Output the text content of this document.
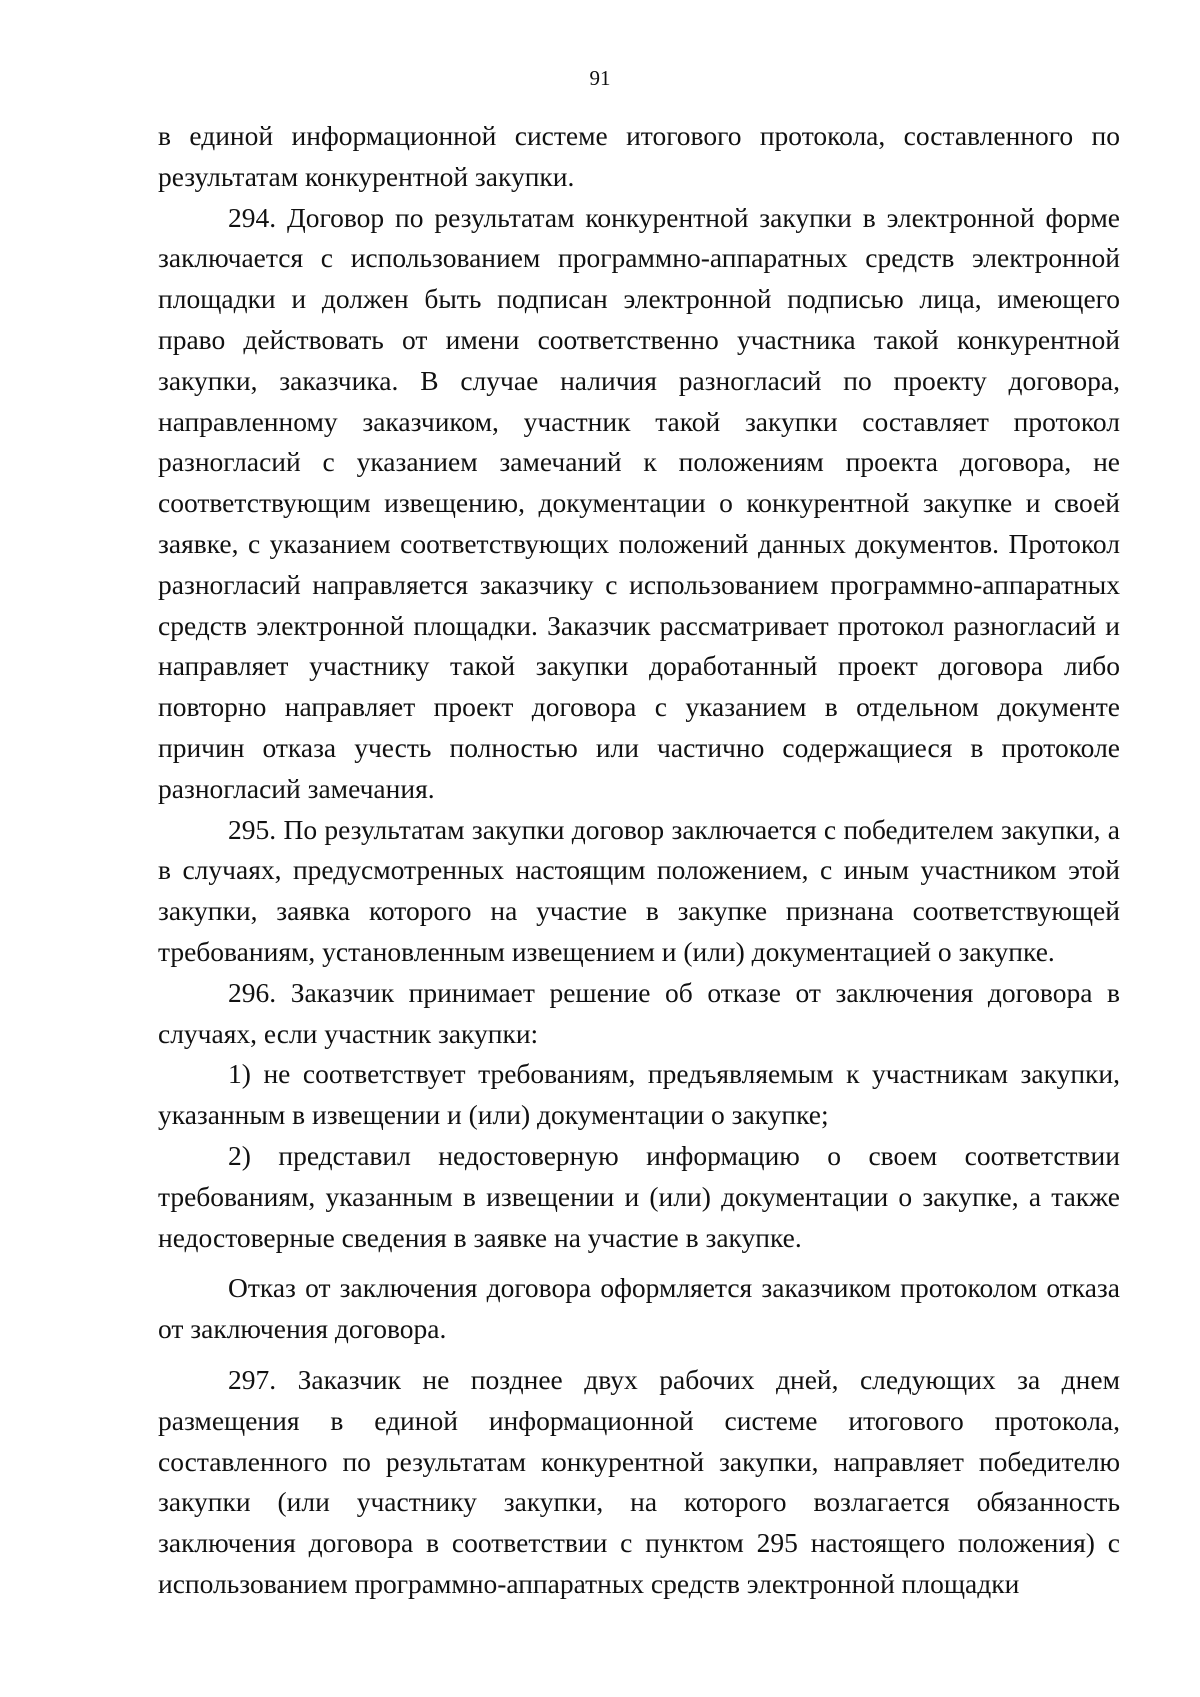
91

в единой информационной системе итогового протокола, составленного по результатам конкурентной закупки.

294. Договор по результатам конкурентной закупки в электронной форме заключается с использованием программно-аппаратных средств электронной площадки и должен быть подписан электронной подписью лица, имеющего право действовать от имени соответственно участника такой конкурентной закупки, заказчика. В случае наличия разногласий по проекту договора, направленному заказчиком, участник такой закупки составляет протокол разногласий с указанием замечаний к положениям проекта договора, не соответствующим извещению, документации о конкурентной закупке и своей заявке, с указанием соответствующих положений данных документов. Протокол разногласий направляется заказчику с использованием программно-аппаратных средств электронной площадки. Заказчик рассматривает протокол разногласий и направляет участнику такой закупки доработанный проект договора либо повторно направляет проект договора с указанием в отдельном документе причин отказа учесть полностью или частично содержащиеся в протоколе разногласий замечания.

295. По результатам закупки договор заключается с победителем закупки, а в случаях, предусмотренных настоящим положением, с иным участником этой закупки, заявка которого на участие в закупке признана соответствующей требованиям, установленным извещением и (или) документацией о закупке.

296. Заказчик принимает решение об отказе от заключения договора в случаях, если участник закупки:

1) не соответствует требованиям, предъявляемым к участникам закупки, указанным в извещении и (или) документации о закупке;

2) представил недостоверную информацию о своем соответствии требованиям, указанным в извещении и (или) документации о закупке, а также недостоверные сведения в заявке на участие в закупке.

Отказ от заключения договора оформляется заказчиком протоколом отказа от заключения договора.

297. Заказчик не позднее двух рабочих дней, следующих за днем размещения в единой информационной системе итогового протокола, составленного по результатам конкурентной закупки, направляет победителю закупки (или участнику закупки, на которого возлагается обязанность заключения договора в соответствии с пунктом 295 настоящего положения) с использованием программно-аппаратных средств электронной площадки
